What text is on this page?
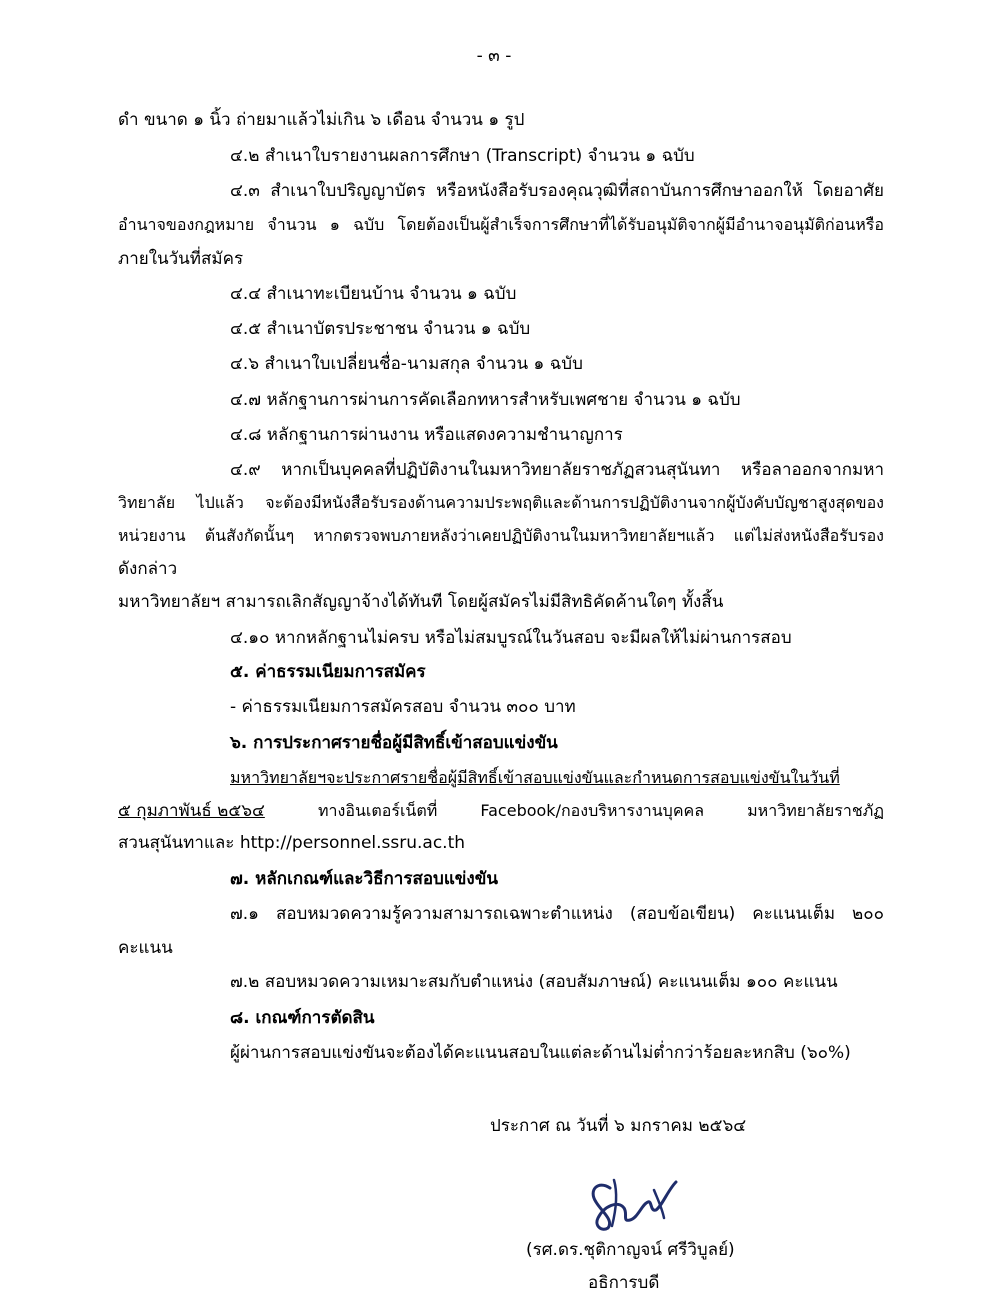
- ๓ -
ดำ ขนาด ๑ นิ้ว ถ่ายมาแล้วไม่เกิน ๖ เดือน จำนวน ๑ รูป
๔.๒ สำเนาใบรายงานผลการศึกษา (Transcript) จำนวน ๑ ฉบับ
๔.๓ สำเนาใบปริญญาบัตร หรือหนังสือรับรองคุณวุฒิที่สถาบันการศึกษาออกให้ โดยอาศัย
อำนาจของกฎหมาย จำนวน ๑ ฉบับ โดยต้องเป็นผู้สำเร็จการศึกษาที่ได้รับอนุมัติจากผู้มีอำนาจอนุมัติก่อนหรือ
ภายในวันที่สมัคร
๔.๔ สำเนาทะเบียนบ้าน จำนวน ๑ ฉบับ
๔.๕ สำเนาบัตรประชาชน จำนวน ๑ ฉบับ
๔.๖ สำเนาใบเปลี่ยนชื่อ-นามสกุล จำนวน ๑ ฉบับ
๔.๗ หลักฐานการผ่านการคัดเลือกทหารสำหรับเพศชาย จำนวน ๑ ฉบับ
๔.๘ หลักฐานการผ่านงาน หรือแสดงความชำนาญการ
๔.๙ หากเป็นบุคคลที่ปฏิบัติงานในมหาวิทยาลัยราชภัฏสวนสุนันทา หรือลาออกจากมหา
วิทยาลัย ไปแล้ว จะต้องมีหนังสือรับรองด้านความประพฤติและด้านการปฏิบัติงานจากผู้บังคับบัญชาสูงสุดของ
หน่วยงาน ต้นสังกัดนั้นๆ หากตรวจพบภายหลังว่าเคยปฏิบัติงานในมหาวิทยาลัยฯแล้ว แต่ไม่ส่งหนังสือรับรอง
ดังกล่าว
มหาวิทยาลัยฯ สามารถเลิกสัญญาจ้างได้ทันที โดยผู้สมัครไม่มีสิทธิคัดค้านใดๆ ทั้งสิ้น
๔.๑๐ หากหลักฐานไม่ครบ หรือไม่สมบูรณ์ในวันสอบ จะมีผลให้ไม่ผ่านการสอบ
๕. ค่าธรรมเนียมการสมัคร
- ค่าธรรมเนียมการสมัครสอบ จำนวน ๓๐๐ บาท
๖. การประกาศรายชื่อผู้มีสิทธิ์เข้าสอบแข่งขัน
มหาวิทยาลัยฯจะประกาศรายชื่อผู้มีสิทธิ์เข้าสอบแข่งขันและกำหนดการสอบแข่งขันในวันที่
๕ กุมภาพันธ์ ๒๕๖๔	ทางอินเตอร์เน็ตที่ Facebook/กองบริหารงานบุคคล มหาวิทยาลัยราชภัฏ
สวนสุนันทาและ http://personnel.ssru.ac.th
๗. หลักเกณฑ์และวิธีการสอบแข่งขัน
๗.๑ สอบหมวดความรู้ความสามารถเฉพาะตำแหน่ง (สอบข้อเขียน) คะแนนเต็ม ๒๐๐
คะแนน
๗.๒ สอบหมวดความเหมาะสมกับตำแหน่ง (สอบสัมภาษณ์) คะแนนเต็ม ๑๐๐ คะแนน
๘. เกณฑ์การตัดสิน
ผู้ผ่านการสอบแข่งขันจะต้องได้คะแนนสอบในแต่ละด้านไม่ต่ำกว่าร้อยละหกสิบ (๖๐%)
ประกาศ ณ วันที่ ๖ มกราคม ๒๕๖๔
(รศ.ดร.ชุติกาญจน์ ศรีวิบูลย์)
อธิการบดี
